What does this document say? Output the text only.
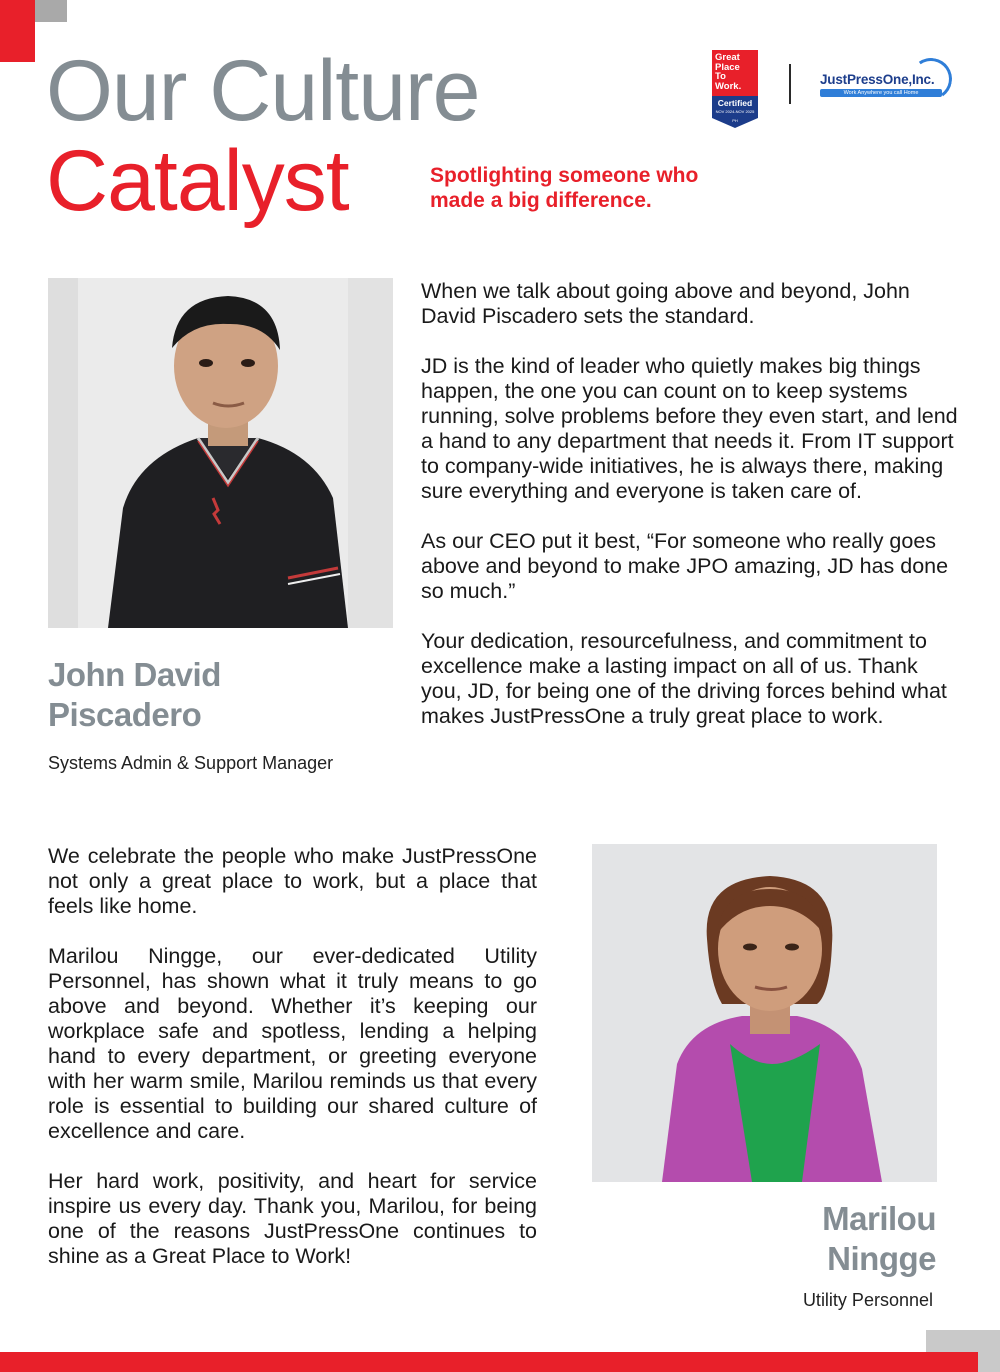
Our Culture
Catalyst	Spotlighting someone who
made a big difference.
Great
Place
To
Work.
Certified
NOV 2024-NOV 2025
PH
JustPressOne,Inc.
Work Anywhere you call Home
John David
Piscadero
Systems Admin & Support Manager

When we talk about going above and beyond, John David Piscadero sets the standard.

JD is the kind of leader who quietly makes big things happen, the one you can count on to keep systems running, solve problems before they even start, and lend a hand to any department that needs it. From IT support to company-wide initiatives, he is always there, making sure everything and everyone is taken care of.

As our CEO put it best, “For someone who really goes above and beyond to make JPO amazing, JD has done so much.”

Your dedication, resourcefulness, and commitment to excellence make a lasting impact on all of us. Thank you, JD, for being one of the driving forces behind what makes JustPressOne a truly great place to work.

We celebrate the people who make JustPressOne not only a great place to work, but a place that feels like home.

Marilou Ningge, our ever-dedicated Utility Personnel, has shown what it truly means to go above and beyond. Whether it’s keeping our workplace safe and spotless, lending a helping hand to every department, or greeting everyone with her warm smile, Marilou reminds us that every role is essential to building our shared culture of excellence and care.

Her hard work, positivity, and heart for service inspire us every day. Thank you, Marilou, for being one of the reasons JustPressOne continues to shine as a Great Place to Work!

Marilou
Ningge
Utility Personnel
